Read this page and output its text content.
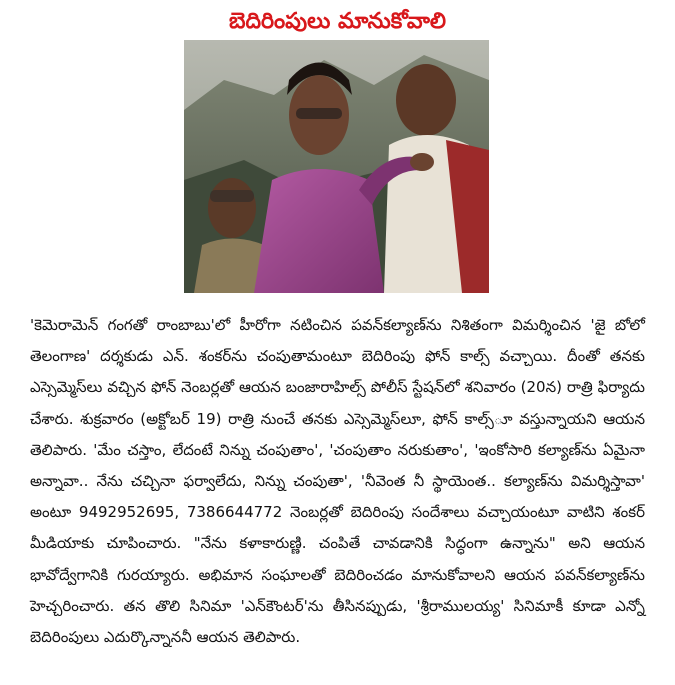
బెదిరింపులు మానుకోవాలి

'కెమెరామెన్ గంగతో రాంబాబు'లో హీరోగా నటించిన పవన్‌కల్యాణ్‌ను నిశితంగా విమర్శించిన 'జై బోలో తెలంగాణ' దర్శకుడు ఎన్. శంకర్‌ను చంపుతామంటూ బెదిరింపు ఫోన్ కాల్స్ వచ్చాయి. దీంతో తనకు ఎస్సెమ్మెస్‌లు వచ్చిన ఫోన్ నెంబర్లతో ఆయన బంజారాహిల్స్ పోలీస్ స్టేషన్‌లో శనివారం (20న) రాత్రి ఫిర్యాదు చేశారు. శుక్రవారం (అక్టోబర్ 19) రాత్రి నుంచే తనకు ఎస్సెమ్మెస్‌లూ, ఫోన్ కాల్స్‌ూ వస్తున్నాయని ఆయన తెలిపారు. 'మేం చస్తాం, లేదంటే నిన్ను చంపుతాం', 'చంపుతాం నరుకుతాం', 'ఇంకోసారి కల్యాణ్‌ను ఏమైనా అన్నావా.. నేను చచ్చినా ఫర్వాలేదు, నిన్ను చంపుతా', 'నీవెంత నీ స్థాయెంత.. కల్యాణ్‌ను విమర్శిస్తావా' అంటూ 9492952695, 7386644772 నెంబర్లతో బెదిరింపు సందేశాలు వచ్చాయంటూ వాటిని శంకర్ మీడియాకు చూపించారు. "నేను కళాకారుణ్ణి. చంపితే చావడానికి సిద్ధంగా ఉన్నాను" అని ఆయన భావోద్వేగానికి గురయ్యారు. అభిమాన సంఘాలతో బెదిరించడం మానుకోవాలని ఆయన పవన్‌కల్యాణ్‌ను హెచ్చరించారు. తన తొలి సినిమా 'ఎన్‌కౌంటర్'ను తీసినప్పుడు, 'శ్రీరాములయ్య' సినిమాకీ కూడా ఎన్నో బెదిరింపులు ఎదుర్కొన్నాననీ ఆయన తెలిపారు.
